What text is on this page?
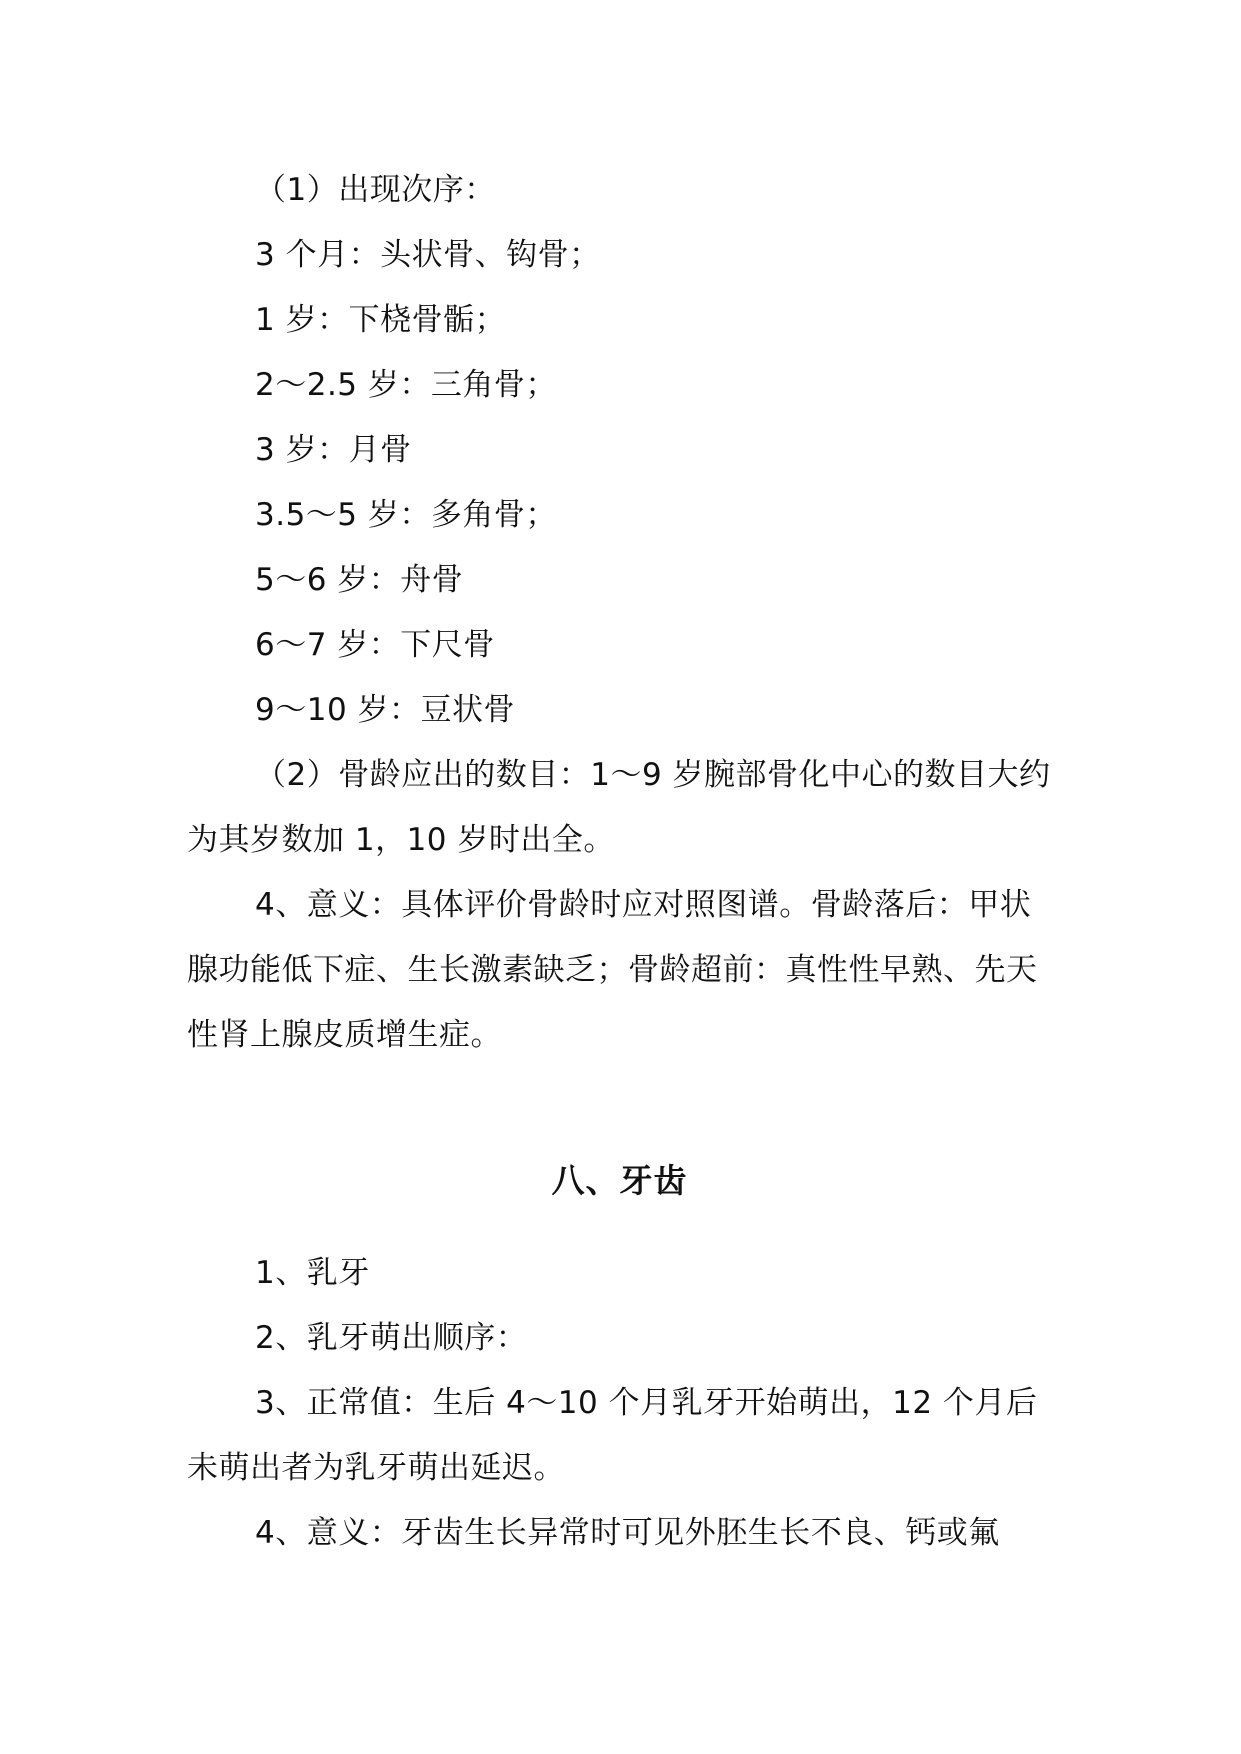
（1）出现次序：

3 个月：头状骨、钩骨；

1 岁：下桡骨骺；

2～2.5 岁：三角骨；

3 岁：月骨

3.5～5 岁：多角骨；

5～6 岁：舟骨

6～7 岁：下尺骨

9～10 岁：豆状骨

（2）骨龄应出的数目：1～9 岁腕部骨化中心的数目大约为其岁数加 1，10 岁时出全。

4、意义：具体评价骨龄时应对照图谱。骨龄落后：甲状腺功能低下症、生长激素缺乏；骨龄超前：真性性早熟、先天性肾上腺皮质增生症。

八、牙齿

1、乳牙

2、乳牙萌出顺序：

3、正常值：生后 4～10 个月乳牙开始萌出，12 个月后未萌出者为乳牙萌出延迟。

4、意义：牙齿生长异常时可见外胚生长不良、钙或氟
